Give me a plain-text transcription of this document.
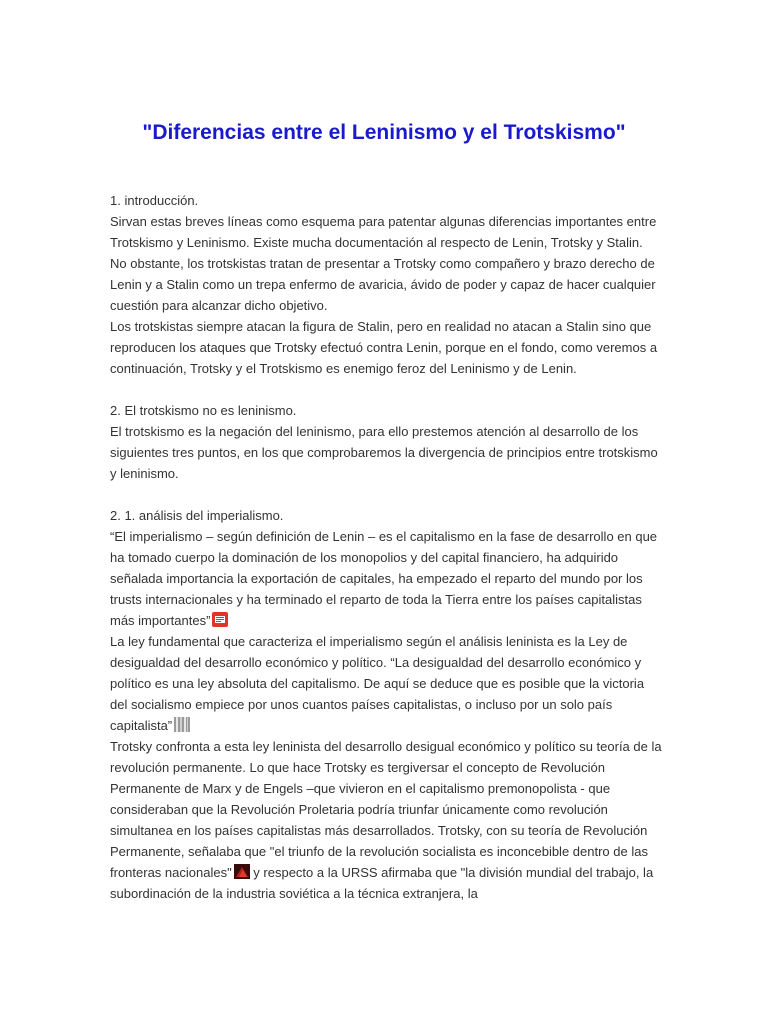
"Diferencias entre el Leninismo y el Trotskismo"

1. introducción.

Sirvan estas breves líneas como esquema para patentar algunas diferencias importantes entre Trotskismo y Leninismo. Existe mucha documentación al respecto de Lenin, Trotsky y Stalin. No obstante, los trotskistas tratan de presentar a Trotsky como compañero y brazo derecho de Lenin y a Stalin como un trepa enfermo de avaricia, ávido de poder y capaz de hacer cualquier cuestión para alcanzar dicho objetivo.

Los trotskistas siempre atacan la figura de Stalin, pero en realidad no atacan a Stalin sino que reproducen los ataques que Trotsky efectuó contra Lenin, porque en el fondo, como veremos a continuación, Trotsky y el Trotskismo es enemigo feroz del Leninismo y de Lenin.

2. El trotskismo no es leninismo.

El trotskismo es la negación del leninismo, para ello prestemos atención al desarrollo de los siguientes tres puntos, en los que comprobaremos la divergencia de principios entre trotskismo y leninismo.

2. 1. análisis del imperialismo.

“El imperialismo – según definición de Lenin – es el capitalismo en la fase de desarrollo en que ha tomado cuerpo la dominación de los monopolios y del capital financiero, ha adquirido señalada importancia la exportación de capitales, ha empezado el reparto del mundo por los trusts internacionales y ha terminado el reparto de toda la Tierra entre los países capitalistas más importantes”

La ley fundamental que caracteriza el imperialismo según el análisis leninista es la Ley de desigualdad del desarrollo económico y político. “La desigualdad del desarrollo económico y político es una ley absoluta del capitalismo. De aquí se deduce que es posible que la victoria del socialismo empiece por unos cuantos países capitalistas, o incluso por un solo país capitalista”

Trotsky confronta a esta ley leninista del desarrollo desigual económico y político su teoría de la revolución permanente. Lo que hace Trotsky es tergiversar el concepto de Revolución Permanente de Marx y de Engels –que vivieron en el capitalismo premonopolista - que consideraban que la Revolución Proletaria podría triunfar únicamente como revolución simultanea en los países capitalistas más desarrollados. Trotsky, con su teoría de Revolución Permanente, señalaba que "el triunfo de la revolución socialista es inconcebible dentro de las fronteras nacionales"
y respecto a la URSS afirmaba que "la división mundial del trabajo, la subordinación de la industria soviética a la técnica extranjera, la
